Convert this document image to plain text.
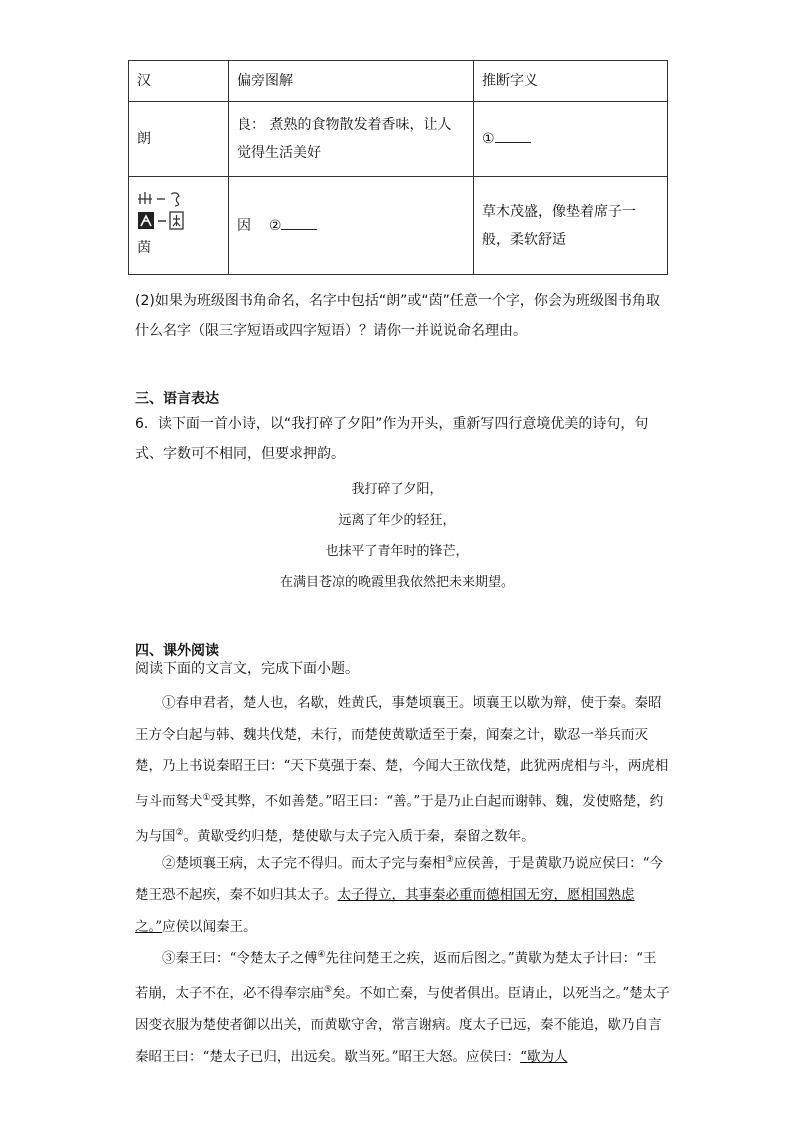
汉	偏旁图解	推断字义
朗	良： 煮熟的食物散发着香味，让人觉得生活美好	①

茵	因 ②	草木茂盛，像垫着席子一般，柔软舒适
(2)如果为班级图书角命名，名字中包括“朗”或“茵”任意一个字，你会为班级图书角取什么名字（限三字短语或四字短语）？请你一并说说命名理由。
三、语言表达
6．读下面一首小诗，以“我打碎了夕阳”作为开头，重新写四行意境优美的诗句，句式、字数可不相同，但要求押韵。
我打碎了夕阳，
远离了年少的轻狂，
也抹平了青年时的锋芒，
在满目苍凉的晚霞里我依然把未来期望。
四、课外阅读
阅读下面的文言文，完成下面小题。
①春申君者，楚人也，名歇，姓黄氏，事楚顷襄王。顷襄王以歇为辩，使于秦。秦昭王方令白起与韩、魏共伐楚，未行，而楚使黄歇适至于秦，闻秦之计，歇忍一举兵而灭楚，乃上书说秦昭王曰：“天下莫强于秦、楚，今闻大王欲伐楚，此犹两虎相与斗，两虎相与斗而驽犬①受其弊，不如善楚。”昭王曰：“善。”于是乃止白起而谢韩、魏，发使赂楚，约为与国②。黄歇受约归楚，楚使歇与太子完入质于秦，秦留之数年。
②楚顷襄王病，太子完不得归。而太子完与秦相③应侯善，于是黄歇乃说应侯曰：“今楚王恐不起疾，秦不如归其太子。太子得立，其事秦必重而德相国无穷，愿相国熟虑之。”应侯以闻秦王。
③秦王曰：“令楚太子之傅④先往问楚王之疾，返而后图之。”黄歇为楚太子计曰：“王若崩，太子不在，必不得奉宗庙⑤矣。不如亡秦，与使者俱出。臣请止，以死当之。”楚太子因变衣服为楚使者御以出关，而黄歇守舍，常言谢病。度太子已远，秦不能追，歇乃自言秦昭王曰：“楚太子已归，出远矣。歇当死。”昭王大怒。应侯曰：“歇为人
